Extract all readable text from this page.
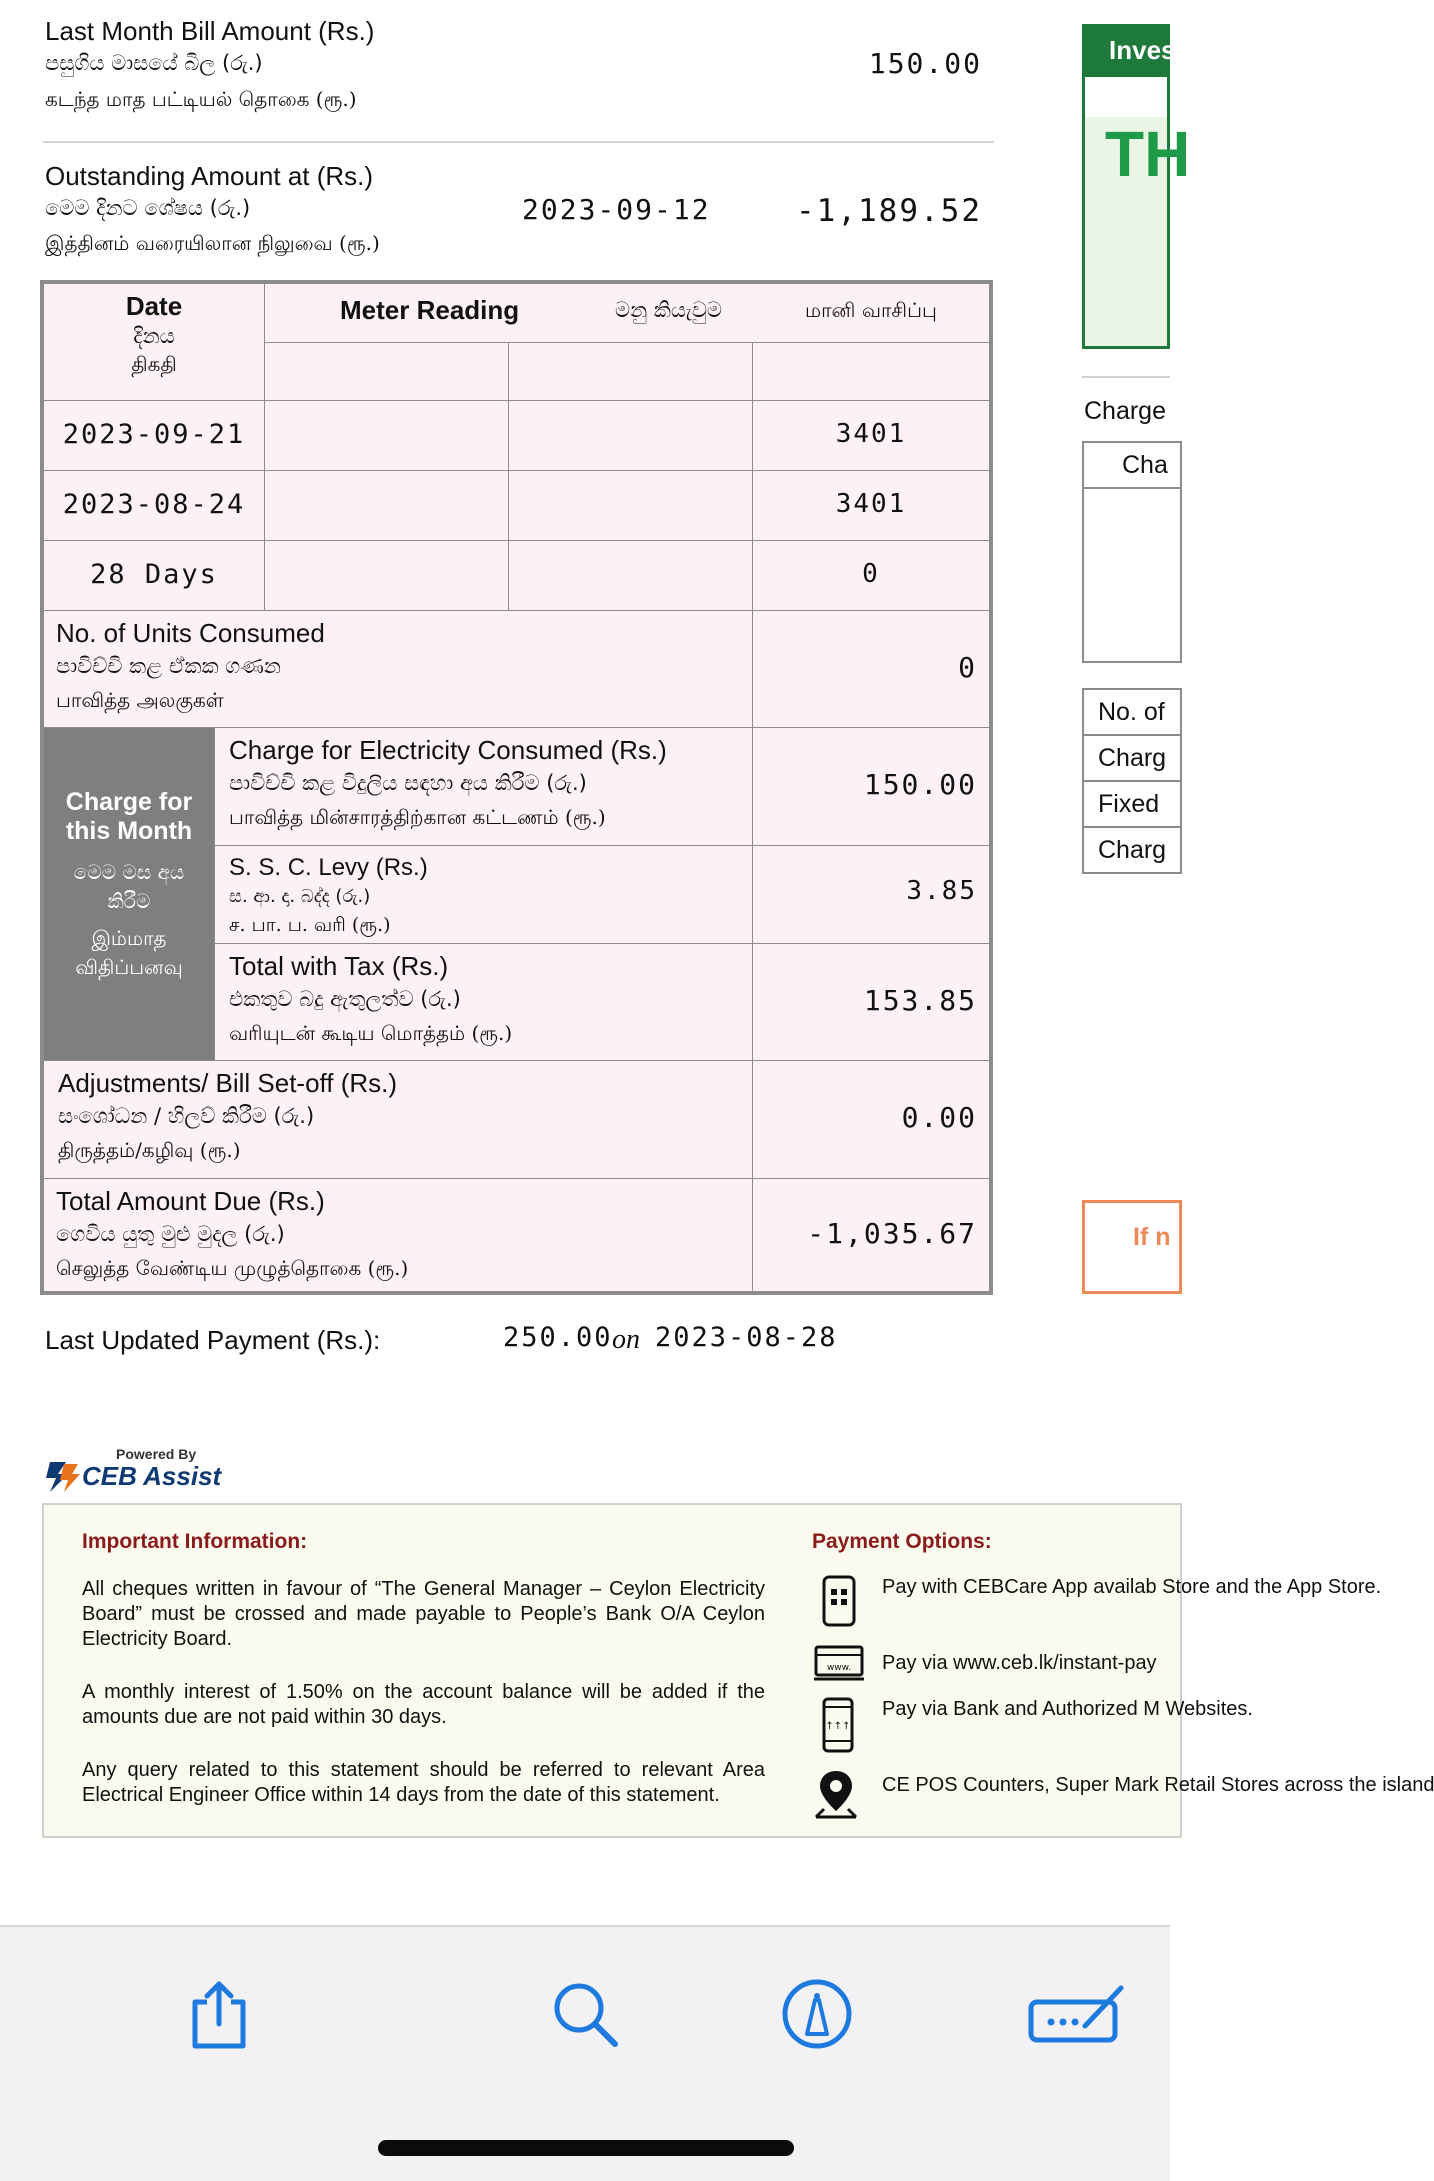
Last Month Bill Amount (Rs.)
පසුගිය මාසයේ බිල (රු.)
கடந்த மாத பட்டியல் தொகை (ரூ.)
150.00
Outstanding Amount at (Rs.)
මෙම දිනට ශේෂය (රු.)
இத்தினம் வரையிலான நிலுவை (ரூ.)
2023-09-12	-1,189.52
Date
දිනය
திகதி
Meter Reading	මනු කියැවුම	மானி வாசிப்பு
2023-09-21	3401
2023-08-24	3401
28 Days	0
No. of Units Consumed
පාවිච්චි කළ ඒකක ගණන
பாவித்த அலகுகள்
0
Charge for this Month
මෙම මස අය කිරීම
இம்மாத விதிப்பனவு
Charge for Electricity Consumed (Rs.)
පාවිච්චි කළ විදුලිය සඳහා අය කිරීම (රු.)
பாவித்த மின்சாரத்திற்கான கட்டணம் (ரூ.)
150.00
S. S. C. Levy (Rs.)
ස. ආ. දා. බද්ද (රු.)
ச. பா. ப. வரி (ரூ.)
3.85
Total with Tax (Rs.)
එකතුව බදු ඇතුලත්ව (රු.)
வரியுடன் கூடிய மொத்தம் (ரூ.)
153.85
Adjustments/ Bill Set-off (Rs.)
සංශෝධන / හිලව් කිරීම (රු.)
திருத்தம்/கழிவு (ரூ.)
0.00
Total Amount Due (Rs.)
ගෙවිය යුතු මුළු මුදල (රු.)
செலுத்த வேண்டிய முழுத்தொகை (ரூ.)
-1,035.67
Last Updated Payment (Rs.):	250.00 on 2023-08-28
Powered By
CEB Assist
Important Information:
All cheques written in favour of “The General Manager – Ceylon Electricity Board” must be crossed and made payable to People’s Bank O/A Ceylon Electricity Board.
A monthly interest of 1.50% on the account balance will be added if the amounts due are not paid within 30 days.
Any query related to this statement should be referred to relevant Area Electrical Engineer Office within 14 days from the date of this statement.
Payment Options:
Pay with CEBCare App availab Store and the App Store.
www. Pay via www.ceb.lk/instant-pay
↑↑↑
Pay via Bank and Authorized M Websites.
CE POS Counters, Super Mark Retail Stores across the island
Inves
TH
Charge
Cha
No. of
Charg
Fixed
Charg
If n
